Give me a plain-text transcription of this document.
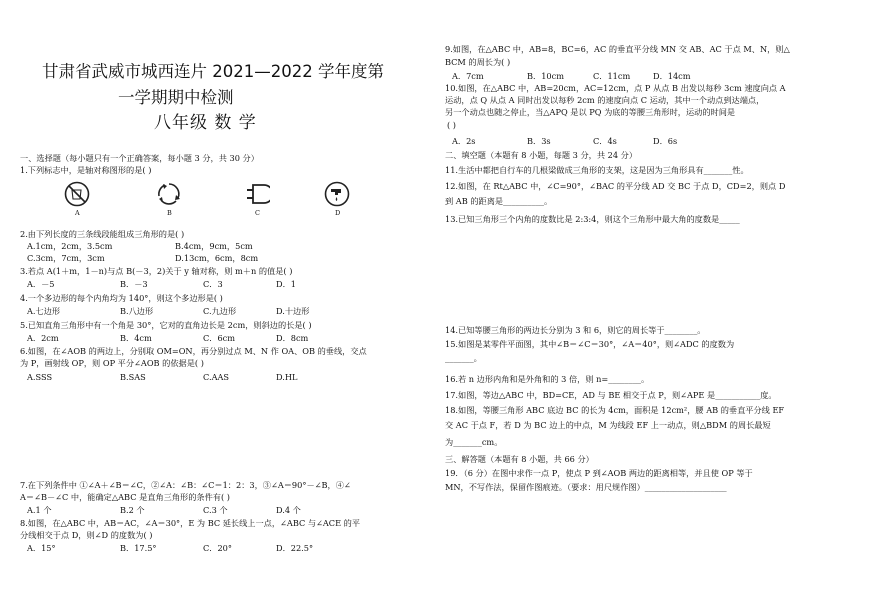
甘肃省武威市城西连片 2021—2022 学年度第
一学期期中检测
八年级 数 学
一、选择题（每小题只有一个正确答案，每小题 3 分，共 30 分）
1.下列标志中，是轴对称图形的是( )
A	B	C	D
2.由下列长度的三条线段能组成三角形的是( )
A.1cm，2cm，3.5cm	B.4cm，9cm，5cm
C.3cm，7cm，3cm	D.13cm，6cm，8cm
3.若点 A(1＋m，1－n)与点 B(－3，2)关于 y 轴对称，则 m＋n 的值是( )
A．－5	B．－3	C．3	D．1
4.一个多边形的每个内角均为 140°，则这个多边形是( )
A.七边形	B.八边形	C.九边形	D.十边形
5.已知直角三角形中有一个角是 30°，它对的直角边长是 2cm，则斜边的长是( )
A．2cm	B．4cm	C．6cm	D．8cm
6.如图，在∠AOB 的两边上，分别取 OM=ON，再分别过点 M、N 作 OA、OB 的垂线，交点
为 P，画射线 OP，则 OP 平分∠AOB 的依据是( )
A.SSS	B.SAS	C.AAS	D.HL
7.在下列条件中 ①∠A＋∠B＝∠C，②∠A：∠B：∠C＝1：2：3，③∠A＝90°－∠B，④∠
A＝∠B－∠C 中，能确定△ABC 是直角三角形的条件有( )
A.1 个	B.2 个	C.3 个	D.4 个
8.如图，在△ABC 中，AB＝AC，∠A＝30°，E 为 BC 延长线上一点，∠ABC 与∠ACE 的平
分线相交于点 D，则∠D 的度数为( )
A．15°	B．17.5°	C．20°	D．22.5°
9.如图，在△ABC 中，AB=8，BC=6，AC 的垂直平分线 MN 交 AB、AC 于点 M、N，则△
BCM 的周长为( )
A．7cm	B．10cm	C．11cm	D．14cm
10.如图，在△ABC 中，AB=20cm，AC=12cm，点 P 从点 B 出发以每秒 3cm 速度向点 A
运动，点 Q 从点 A 同时出发以每秒 2cm 的速度向点 C 运动，其中一个动点到达端点，
另一个动点也随之停止，当△APQ 是以 PQ 为底的等腰三角形时，运动的时间是
( )
A．2s	B．3s	C．4s	D．6s
二、填空题（本题有 8 小题，每题 3 分，共 24 分）
11.生活中都把自行车的几根梁做成三角形的支架，这是因为三角形具有_______性。
12.如图，在 Rt△ABC 中，∠C=90°，∠BAC 的平分线 AD 交 BC 于点 D，CD=2，则点 D
到 AB 的距离是__________。
13.已知三角形三个内角的度数比是 2:3:4，则这个三角形中最大角的度数是_____
14.已知等腰三角形的两边长分别为 3 和 6，则它的周长等于________。
15.如图是某零件平面图，其中∠B＝∠C＝30°，∠A＝40°，则∠ADC 的度数为
_______。
16.若 n 边形内角和是外角和的 3 倍，则 n=________。
17.如图，等边△ABC 中，BD=CE，AD 与 BE 相交于点 P，则∠APE 是___________度。
18.如图，等腰三角形 ABC 底边 BC 的长为 4cm，面积是 12cm²，腰 AB 的垂直平分线 EF
交 AC 于点 F，若 D 为 BC 边上的中点，M 为线段 EF 上一动点，则△BDM 的周长最短
为_______cm。
三、解答题（本题有 8 小题，共 66 分）
19．（6 分）在图中求作一点 P，使点 P 到∠AOB 两边的距离相等，并且使 OP 等于
MN，不写作法，保留作图痕迹。（要求：用尺规作图）____________________
